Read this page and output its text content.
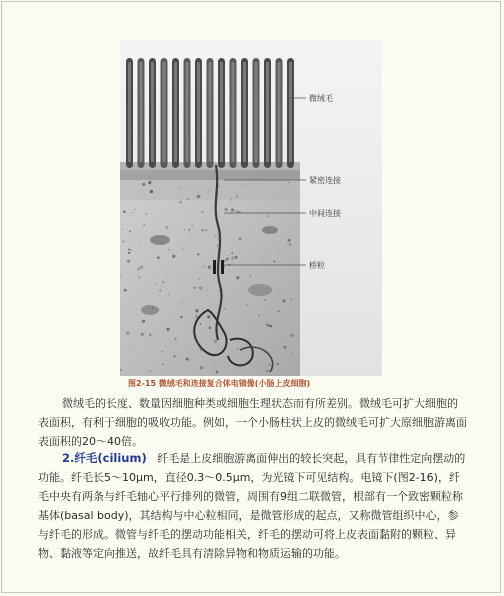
微绒毛
紧密连接
中间连接
桥粒
图2-15 微绒毛和连接复合体电镜像(小肠上皮细胞)

微绒毛的长度、数量因细胞种类或细胞生理状态而有所差别。微绒毛可扩大细胞的表面积，有利于细胞的吸收功能。例如，一个小肠柱状上皮的微绒毛可扩大原细胞游离面表面积的20～40倍。

2.纤毛(cilium) 纤毛是上皮细胞游离面伸出的较长突起，具有节律性定向摆动的功能。纤毛长5～10μm，直径0.3～0.5μm，为光镜下可见结构。电镜下(图2-16)，纤毛中央有两条与纤毛轴心平行排列的微管，周围有9组二联微管，根部有一个致密颗粒称基体(basal body)，其结构与中心粒相同，是微管形成的起点，又称微管组织中心，参与纤毛的形成。微管与纤毛的摆动功能相关，纤毛的摆动可将上皮表面黏附的颗粒、异物、黏液等定向推送，故纤毛具有清除异物和物质运输的功能。
